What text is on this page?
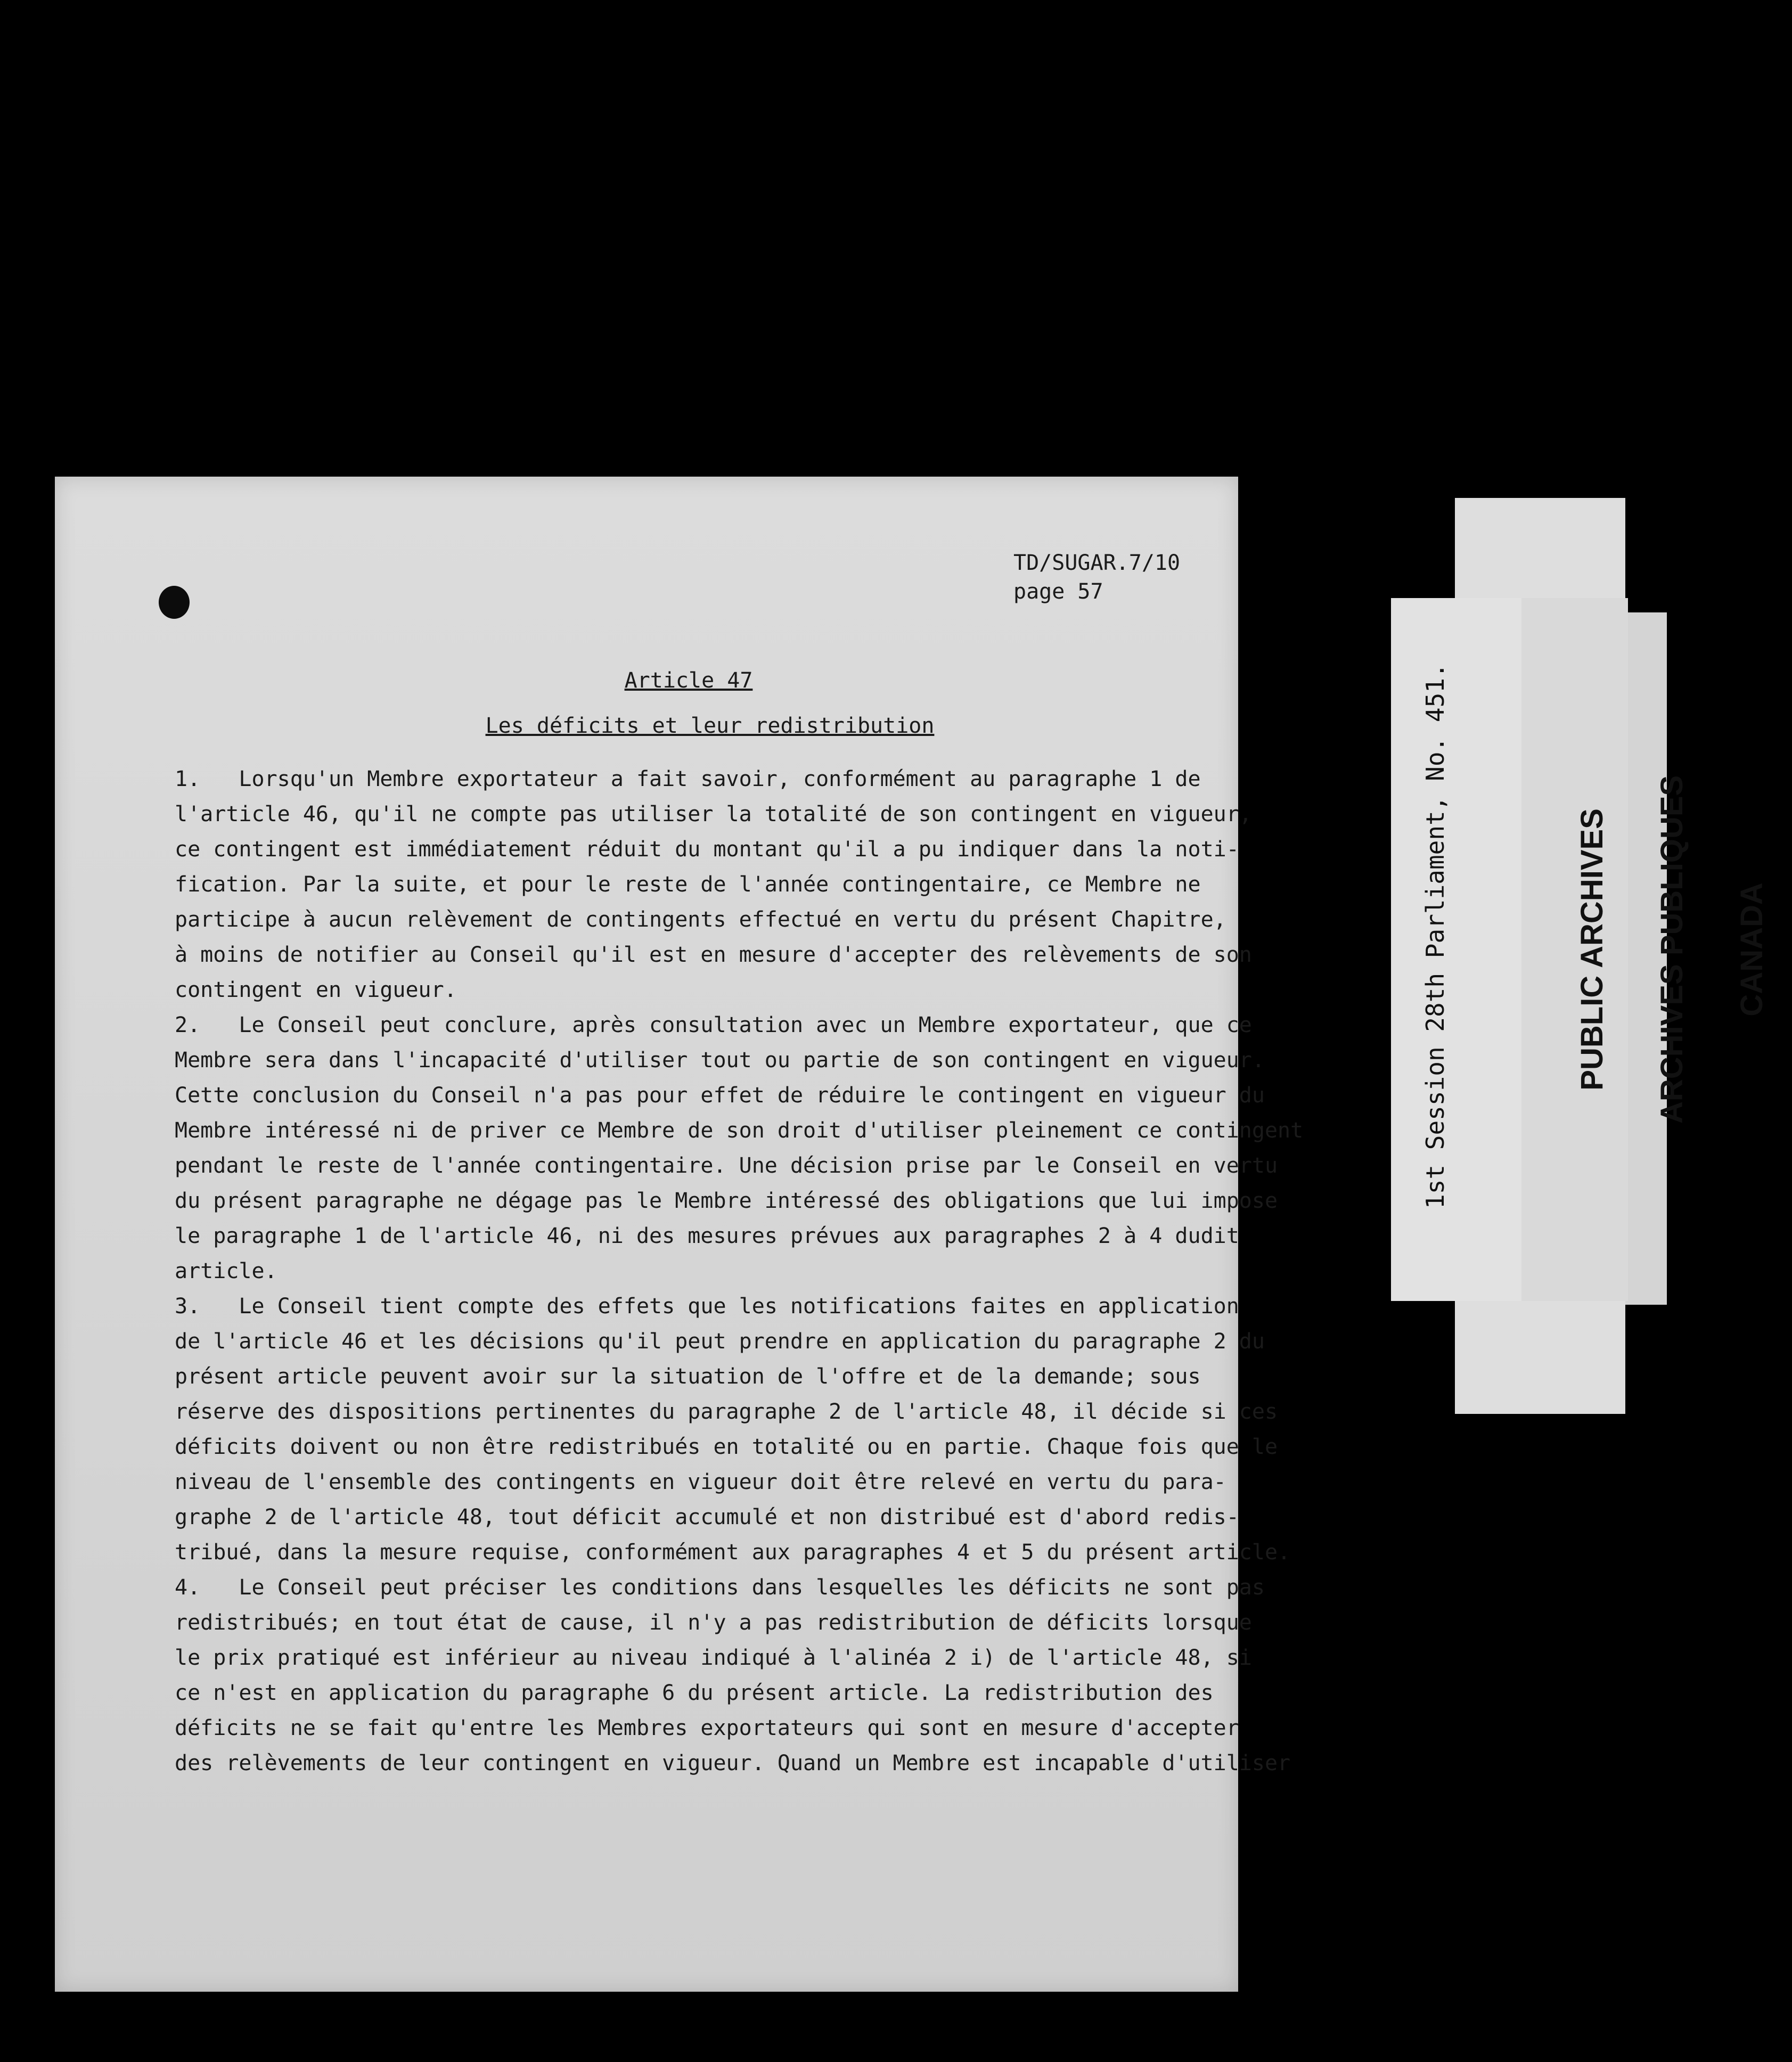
TD/SUGAR.7/10
page 57
Article 47
Les déficits et leur redistribution
1.   Lorsqu'un Membre exportateur a fait savoir, conformément au paragraphe 1 de
l'article 46, qu'il ne compte pas utiliser la totalité de son contingent en vigueur,
ce contingent est immédiatement réduit du montant qu'il a pu indiquer dans la noti-
fication. Par la suite, et pour le reste de l'année contingentaire, ce Membre ne
participe à aucun relèvement de contingents effectué en vertu du présent Chapitre,
à moins de notifier au Conseil qu'il est en mesure d'accepter des relèvements de son
contingent en vigueur.
2.   Le Conseil peut conclure, après consultation avec un Membre exportateur, que ce
Membre sera dans l'incapacité d'utiliser tout ou partie de son contingent en vigueur.
Cette conclusion du Conseil n'a pas pour effet de réduire le contingent en vigueur du
Membre intéressé ni de priver ce Membre de son droit d'utiliser pleinement ce contingent
pendant le reste de l'année contingentaire. Une décision prise par le Conseil en vertu
du présent paragraphe ne dégage pas le Membre intéressé des obligations que lui impose
le paragraphe 1 de l'article 46, ni des mesures prévues aux paragraphes 2 à 4 dudit
article.
3.   Le Conseil tient compte des effets que les notifications faites en application
de l'article 46 et les décisions qu'il peut prendre en application du paragraphe 2 du
présent article peuvent avoir sur la situation de l'offre et de la demande; sous
réserve des dispositions pertinentes du paragraphe 2 de l'article 48, il décide si ces
déficits doivent ou non être redistribués en totalité ou en partie. Chaque fois que le
niveau de l'ensemble des contingents en vigueur doit être relevé en vertu du para-
graphe 2 de l'article 48, tout déficit accumulé et non distribué est d'abord redis-
tribué, dans la mesure requise, conformément aux paragraphes 4 et 5 du présent article.
4.   Le Conseil peut préciser les conditions dans lesquelles les déficits ne sont pas
redistribués; en tout état de cause, il n'y a pas redistribution de déficits lorsque
le prix pratiqué est inférieur au niveau indiqué à l'alinéa 2 i) de l'article 48, si
ce n'est en application du paragraphe 6 du présent article. La redistribution des
déficits ne se fait qu'entre les Membres exportateurs qui sont en mesure d'accepter
des relèvements de leur contingent en vigueur. Quand un Membre est incapable d'utiliser
1st Session 28th Parliament, No. 451.

	PUBLIC ARCHIVES

ARCHIVES PUBLIQUES

CANADA
